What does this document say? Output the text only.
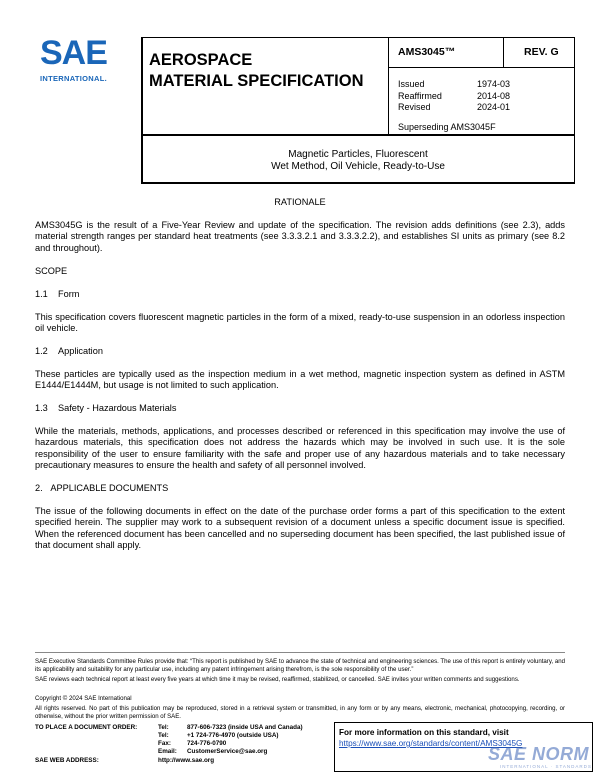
SAE
INTERNATIONAL.
AEROSPACE
MATERIAL SPECIFICATION
AMS3045™	REV. G
Issued	1974-03
Reaffirmed	2014-08
Revised	2024-01
Superseding AMS3045F
Magnetic Particles, Fluorescent
Wet Method, Oil Vehicle, Ready-to-Use
RATIONALE
AMS3045G is the result of a Five-Year Review and update of the specification. The revision adds definitions (see 2.3), adds material strength ranges per standard heat treatments (see 3.3.3.2.1 and 3.3.3.2.2), and establishes SI units as primary (see 8.2 and throughout).
SCOPE
1.1    Form
This specification covers fluorescent magnetic particles in the form of a mixed, ready-to-use suspension in an odorless inspection oil vehicle.
1.2    Application
These particles are typically used as the inspection medium in a wet method, magnetic inspection system as defined in ASTM E1444/E1444M, but usage is not limited to such application.
1.3    Safety - Hazardous Materials
While the materials, methods, applications, and processes described or referenced in this specification may involve the use of hazardous materials, this specification does not address the hazards which may be involved in such use. It is the sole responsibility of the user to ensure familiarity with the safe and proper use of any hazardous materials and to take necessary precautionary measures to ensure the health and safety of all personnel involved.
2.   APPLICABLE DOCUMENTS
The issue of the following documents in effect on the date of the purchase order forms a part of this specification to the extent specified herein. The supplier may work to a subsequent revision of a document unless a specific document issue is specified. When the referenced document has been cancelled and no superseding document has been specified, the last published issue of that document shall apply.
SAE Executive Standards Committee Rules provide that: “This report is published by SAE to advance the state of technical and engineering sciences. The use of this report is entirely voluntary, and its applicability and suitability for any particular use, including any patent infringement arising therefrom, is the sole responsibility of the user.”
SAE reviews each technical report at least every five years at which time it may be revised, reaffirmed, stabilized, or cancelled. SAE invites your written comments and suggestions.
Copyright © 2024 SAE International
All rights reserved. No part of this publication may be reproduced, stored in a retrieval system or transmitted, in any form or by any means, electronic, mechanical, photocopying, recording, or otherwise, without the prior written permission of SAE.
TO PLACE A DOCUMENT ORDER:	Tel:	877-606-7323 (inside USA and Canada)
Tel:	+1 724-776-4970 (outside USA)
Fax:	724-776-0790
Email: CustomerService@sae.org
SAE WEB ADDRESS:	http://www.sae.org
For more information on this standard, visit
https://www.sae.org/standards/content/AMS3045G
SAE NORM
INTERNATIONAL · STANDARDS
